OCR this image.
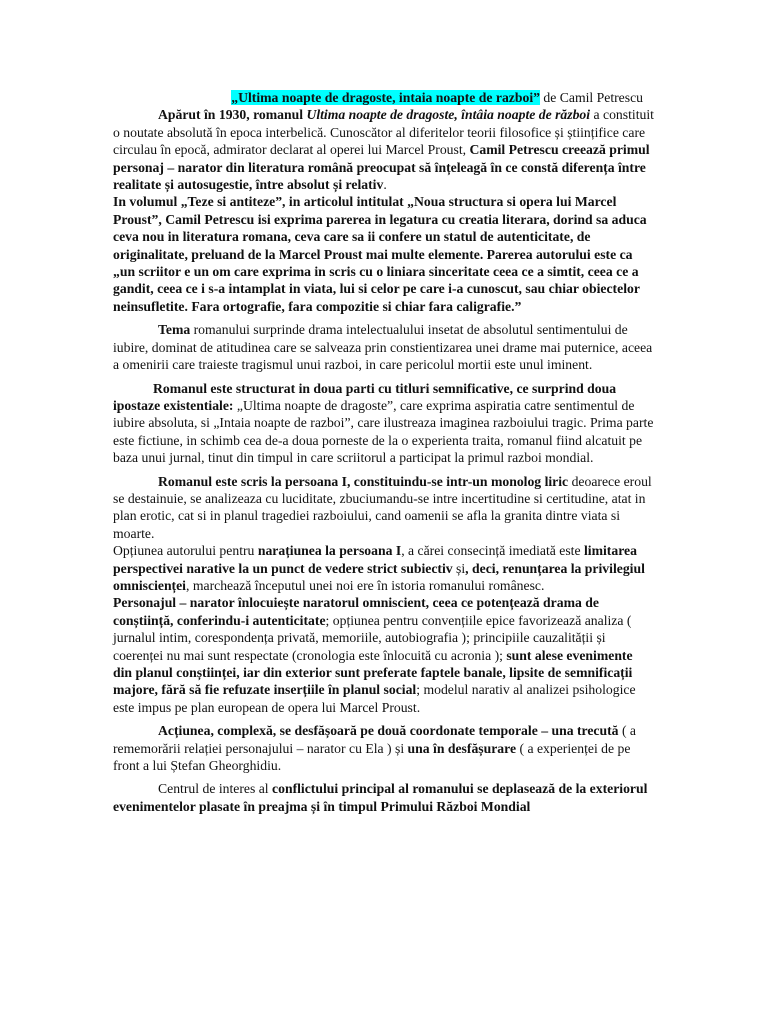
„Ultima noapte de dragoste, intaia noapte de razboi” de Camil Petrescu

Apărut în 1930, romanul Ultima noapte de dragoste, întâia noapte de război a constituit o noutate absolută în epoca interbelică. Cunoscător al diferitelor teorii filosofice și științifice care circulau în epocă, admirator declarat al operei lui Marcel Proust, Camil Petrescu creează primul personaj – narator din literatura română preocupat să înțeleagă în ce constă diferența între realitate și autosugestie, între absolut și relativ.

In volumul „Teze si antiteze”, in articolul intitulat „Noua structura si opera lui Marcel Proust”, Camil Petrescu isi exprima parerea in legatura cu creatia literara, dorind sa aduca ceva nou in literatura romana, ceva care sa ii confere un statul de autenticitate, de originalitate, preluand de la Marcel Proust mai multe elemente. Parerea autorului este ca „un scriitor e un om care exprima in scris cu o liniara sinceritate ceea ce a simtit, ceea ce a gandit, ceea ce i s-a intamplat in viata, lui si celor pe care i-a cunoscut, sau chiar obiectelor neinsufletite. Fara ortografie, fara compozitie si chiar fara caligrafie.”

Tema romanului surprinde drama intelectualului insetat de absolutul sentimentului de iubire, dominat de atitudinea care se salveaza prin constientizarea unei drame mai puternice, aceea a omenirii care traieste tragismul unui razboi, in care pericolul mortii este unul iminent.

Romanul este structurat in doua parti cu titluri semnificative, ce surprind doua ipostaze existentiale: „Ultima noapte de dragoste”, care exprima aspiratia catre sentimentul de iubire absoluta, si „Intaia noapte de razboi”, care ilustreaza imaginea razboiului tragic. Prima parte este fictiune, in schimb cea de-a doua porneste de la o experienta traita, romanul fiind alcatuit pe baza unui jurnal, tinut din timpul in care scriitorul a participat la primul razboi mondial.

Romanul este scris la persoana I, constituindu-se intr-un monolog liric deoarece eroul se destainuie, se analizeaza cu luciditate, zbuciumandu-se intre incertitudine si certitudine, atat in plan erotic, cat si in planul tragediei razboiului, cand oamenii se afla la granita dintre viata si moarte.

Opțiunea autorului pentru narațiunea la persoana I, a cărei consecință imediată este limitarea perspectivei narative la un punct de vedere strict subiectiv și, deci, renunțarea la privilegiul omniscienței, marchează începutul unei noi ere în istoria romanului românesc.

Personajul – narator înlocuiește naratorul omniscient, ceea ce potențează drama de conștiință, conferindu-i autenticitate; opțiunea pentru convențiile epice favorizează analiza ( jurnalul intim, corespondența privată, memoriile, autobiografia ); principiile cauzalității și coerenței nu mai sunt respectate (cronologia este înlocuită cu acronia ); sunt alese evenimente din planul conștiinței, iar din exterior sunt preferate faptele banale, lipsite de semnificații majore, fără să fie refuzate inserțiile în planul social; modelul narativ al analizei psihologice este impus pe plan european de opera lui Marcel Proust.

Acțiunea, complexă, se desfășoară pe două coordonate temporale – una trecută ( a rememorării relației personajului – narator cu Ela ) și una în desfășurare ( a experienței de pe front a lui Ștefan Gheorghidiu.

Centrul de interes al conflictului principal al romanului se deplasează de la exteriorul evenimentelor plasate în preajma și în timpul Primului Război Mondial
